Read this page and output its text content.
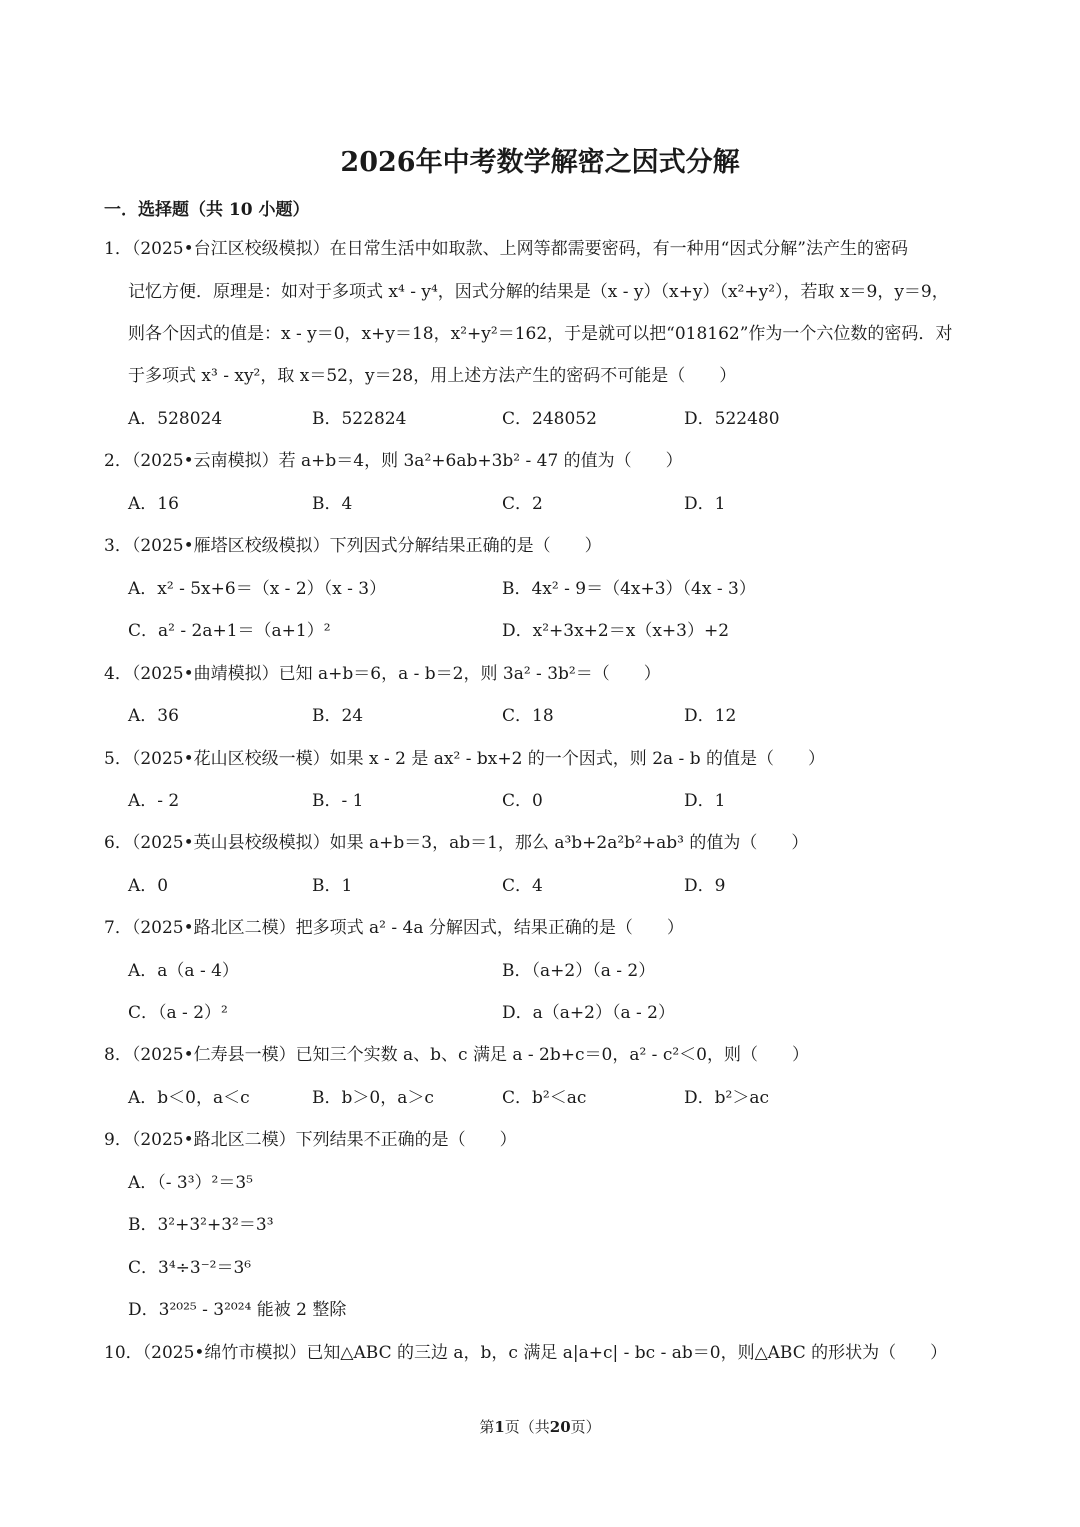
2026年中考数学解密之因式分解
一．选择题（共 10 小题）
1．（2025•台江区校级模拟）在日常生活中如取款、上网等都需要密码，有一种用“因式分解”法产生的密码
记忆方便．原理是：如对于多项式 x⁴ - y⁴，因式分解的结果是（x - y）（x+y）（x²+y²），若取 x＝9，y＝9，
则各个因式的值是：x - y＝0，x+y＝18，x²+y²＝162，于是就可以把“018162”作为一个六位数的密码．对
于多项式 x³ - xy²，取 x＝52，y＝28，用上述方法产生的密码不可能是（　　）
A．528024	B．522824	C．248052	D．522480
2．（2025•云南模拟）若 a+b＝4，则 3a²+6ab+3b² - 47 的值为（　　）
A．16	B．4	C．2	D．1
3．（2025•雁塔区校级模拟）下列因式分解结果正确的是（　　）
A．x² - 5x+6＝（x - 2）（x - 3）	B．4x² - 9＝（4x+3）（4x - 3）
C．a² - 2a+1＝（a+1）²	D．x²+3x+2＝x（x+3）+2
4．（2025•曲靖模拟）已知 a+b＝6，a - b＝2，则 3a² - 3b²＝（　　）
A．36	B．24	C．18	D．12
5．（2025•花山区校级一模）如果 x - 2 是 ax² - bx+2 的一个因式，则 2a - b 的值是（　　）
A．- 2	B．- 1	C．0	D．1
6．（2025•英山县校级模拟）如果 a+b＝3，ab＝1，那么 a³b+2a²b²+ab³ 的值为（　　）
A．0	B．1	C．4	D．9
7．（2025•路北区二模）把多项式 a² - 4a 分解因式，结果正确的是（　　）
A．a（a - 4）	B．（a+2）（a - 2）
C．（a - 2）²	D．a（a+2）（a - 2）
8．（2025•仁寿县一模）已知三个实数 a、b、c 满足 a - 2b+c＝0，a² - c²＜0，则（　　）
A．b＜0，a＜c	B．b＞0，a＞c	C．b²＜ac	D．b²＞ac
9．（2025•路北区二模）下列结果不正确的是（　　）
A．（- 3³）²＝3⁵
B．3²+3²+3²＝3³
C．3⁴÷3⁻²＝3⁶
D．3²⁰²⁵ - 3²⁰²⁴ 能被 2 整除
10．（2025•绵竹市模拟）已知△ABC 的三边 a，b，c 满足 a|a+c| - bc - ab＝0，则△ABC 的形状为（　　）
第1页（共20页）
